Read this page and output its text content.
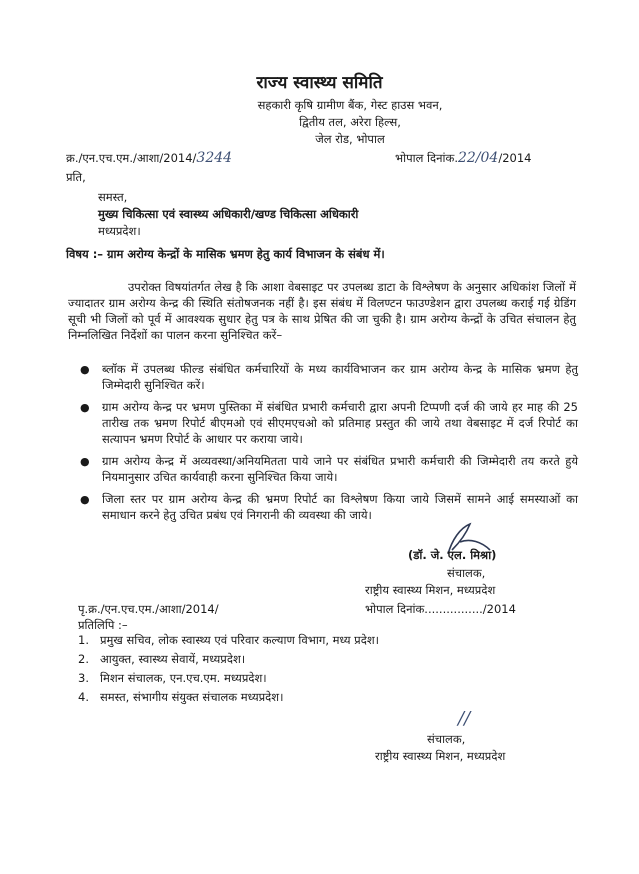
राज्य स्वास्थ्य समिति
सहकारी कृषि ग्रामीण बैंक, गेस्ट हाउस भवन,
द्वितीय तल, अरेरा हिल्स,
जेल रोड, भोपाल
क्र./एन.एच.एम./आशा/2014/3244	भोपाल दिनांक.22/04/2014
प्रति,
समस्त,
मुख्य चिकित्सा एवं स्वास्थ्य अधिकारी/खण्ड चिकित्सा अधिकारी
मध्यप्रदेश।
विषय :– ग्राम अरोग्य केन्द्रों के मासिक भ्रमण हेतु कार्य विभाजन के संबंध में।
उपरोक्त विषयांतर्गत लेख है कि आशा वेबसाइट पर उपलब्ध डाटा के विश्लेषण के अनुसार अधिकांश जिलों में ज्यादातर ग्राम अरोग्य केन्द्र की स्थिति संतोषजनक नहीं है। इस संबंध में विलण्टन फाउण्डेशन द्वारा उपलब्ध कराई गई ग्रेडिंग सूची भी जिलों को पूर्व में आवश्यक सुधार हेतु पत्र के साथ प्रेषित की जा चुकी है। ग्राम अरोग्य केन्द्रों के उचित संचालन हेतु निम्नलिखित निर्देशों का पालन करना सुनिश्चित करें–
● ब्लॉक में उपलब्ध फील्ड संबंधित कर्मचारियों के मध्य कार्यविभाजन कर ग्राम अरोग्य केन्द्र के मासिक भ्रमण हेतु जिम्मेदारी सुनिश्चित करें।
● ग्राम अरोग्य केन्द्र पर भ्रमण पुस्तिका में संबंधित प्रभारी कर्मचारी द्वारा अपनी टिप्पणी दर्ज की जाये हर माह की 25 तारीख तक भ्रमण रिपोर्ट बीएमओ एवं सीएमएचओ को प्रतिमाह प्रस्तुत की जाये तथा वेबसाइट में दर्ज रिपोर्ट का सत्यापन भ्रमण रिपोर्ट के आधार पर कराया जाये।
● ग्राम अरोग्य केन्द्र में अव्यवस्था/अनियमितता पाये जाने पर संबंधित प्रभारी कर्मचारी की जिम्मेदारी तय करते हुये नियमानुसार उचित कार्यवाही करना सुनिश्चित किया जाये।
● जिला स्तर पर ग्राम अरोग्य केन्द्र की भ्रमण रिपोर्ट का विश्लेषण किया जाये जिसमें सामने आई समस्याओं का समाधान करने हेतु उचित प्रबंध एवं निगरानी की व्यवस्था की जाये।
(डॉ. जे. एल. मिश्रा)
संचालक,
राष्ट्रीय स्वास्थ्य मिशन, मध्यप्रदेश
पृ.क्र./एन.एच.एम./आशा/2014/	भोपाल दिनांक................/2014
प्रतिलिपि :–
1. प्रमुख सचिव, लोक स्वास्थ्य एवं परिवार कल्याण विभाग, मध्य प्रदेश।
2. आयुक्त, स्वास्थ्य सेवायें, मध्यप्रदेश।
3. मिशन संचालक, एन.एच.एम. मध्यप्रदेश।
4. समस्त, संभागीय संयुक्त संचालक मध्यप्रदेश।
//
संचालक,
राष्ट्रीय स्वास्थ्य मिशन, मध्यप्रदेश
